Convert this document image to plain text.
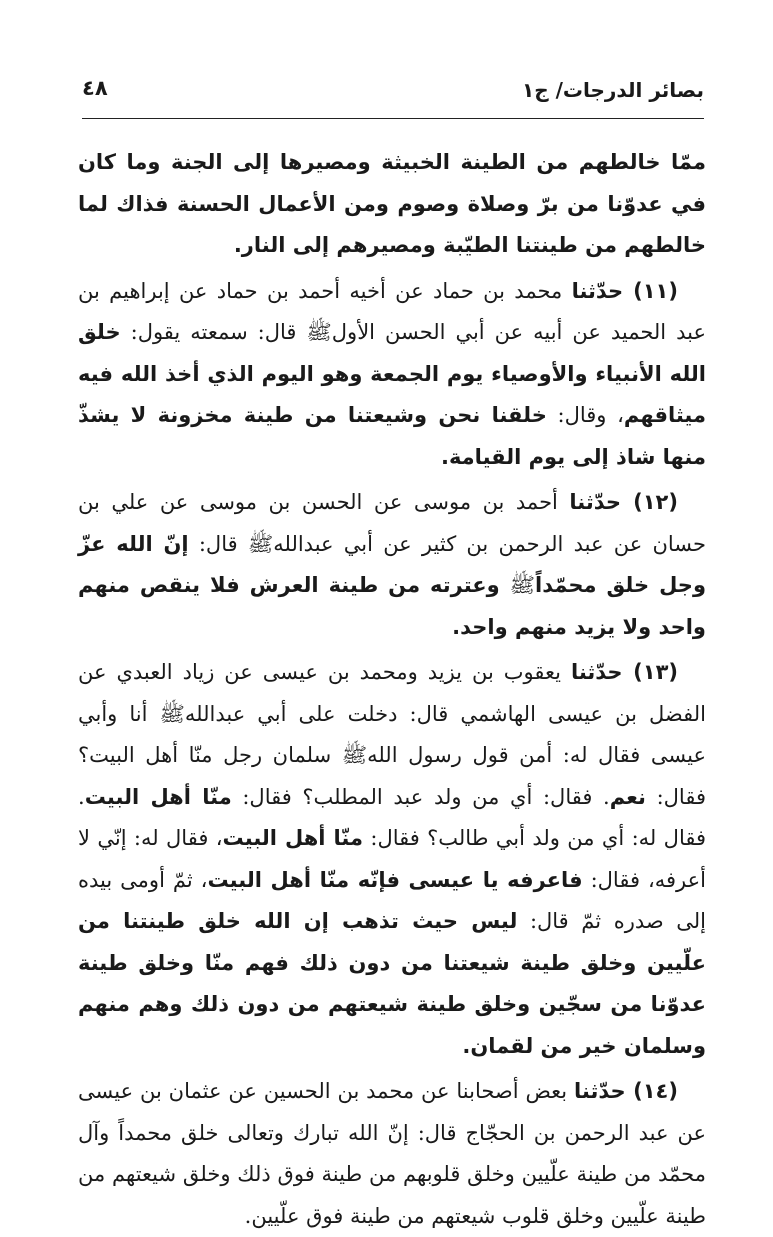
بصائر الدرجات/ ج١
٤٨

ممّا خالطهم من الطينة الخبيثة ومصيرها إلى الجنة وما كان في عدوّنا من برّ وصلاة وصوم ومن الأعمال الحسنة فذاك لما خالطهم من طينتنا الطيّبة ومصيرهم إلى النار.

(١١) حدّثنا محمد بن حماد عن أخيه أحمد بن حماد عن إبراهيم بن عبد الحميد عن أبيه عن أبي الحسن الأولﷺ قال: سمعته يقول: خلق الله الأنبياء والأوصياء يوم الجمعة وهو اليوم الذي أخذ الله فيه ميثاقهم، وقال: خلقنا نحن وشيعتنا من طينة مخزونة لا يشذّ منها شاذ إلى يوم القيامة.

(١٢) حدّثنا أحمد بن موسى عن الحسن بن موسى عن علي بن حسان عن عبد الرحمن بن كثير عن أبي عبداللهﷺ قال: إنّ الله عزّ وجل خلق محمّداًﷺ وعترته من طينة العرش فلا ينقص منهم واحد ولا يزيد منهم واحد.

(١٣) حدّثنا يعقوب بن يزيد ومحمد بن عيسى عن زياد العبدي عن الفضل بن عيسى الهاشمي قال: دخلت على أبي عبداللهﷺ أنا وأبي عيسى فقال له: أمن قول رسول اللهﷺ سلمان رجل منّا أهل البيت؟ فقال: نعم. فقال: أي من ولد عبد المطلب؟ فقال: منّا أهل البيت. فقال له: أي من ولد أبي طالب؟ فقال: منّا أهل البيت، فقال له: إنّي لا أعرفه، فقال: فاعرفه يا عيسى فإنّه منّا أهل البيت، ثمّ أومى بيده إلى صدره ثمّ قال: ليس حيث تذهب إن الله خلق طينتنا من علّيين وخلق طينة شيعتنا من دون ذلك فهم منّا وخلق طينة عدوّنا من سجّين وخلق طينة شيعتهم من دون ذلك وهم منهم وسلمان خير من لقمان.

(١٤) حدّثنا بعض أصحابنا عن محمد بن الحسين عن عثمان بن عيسى عن عبد الرحمن بن الحجّاج قال: إنّ الله تبارك وتعالى خلق محمداً وآل محمّد من طينة علّيين وخلق قلوبهم من طينة فوق ذلك وخلق شيعتهم من طينة علّيين وخلق قلوب شيعتهم من طينة فوق علّيين.
